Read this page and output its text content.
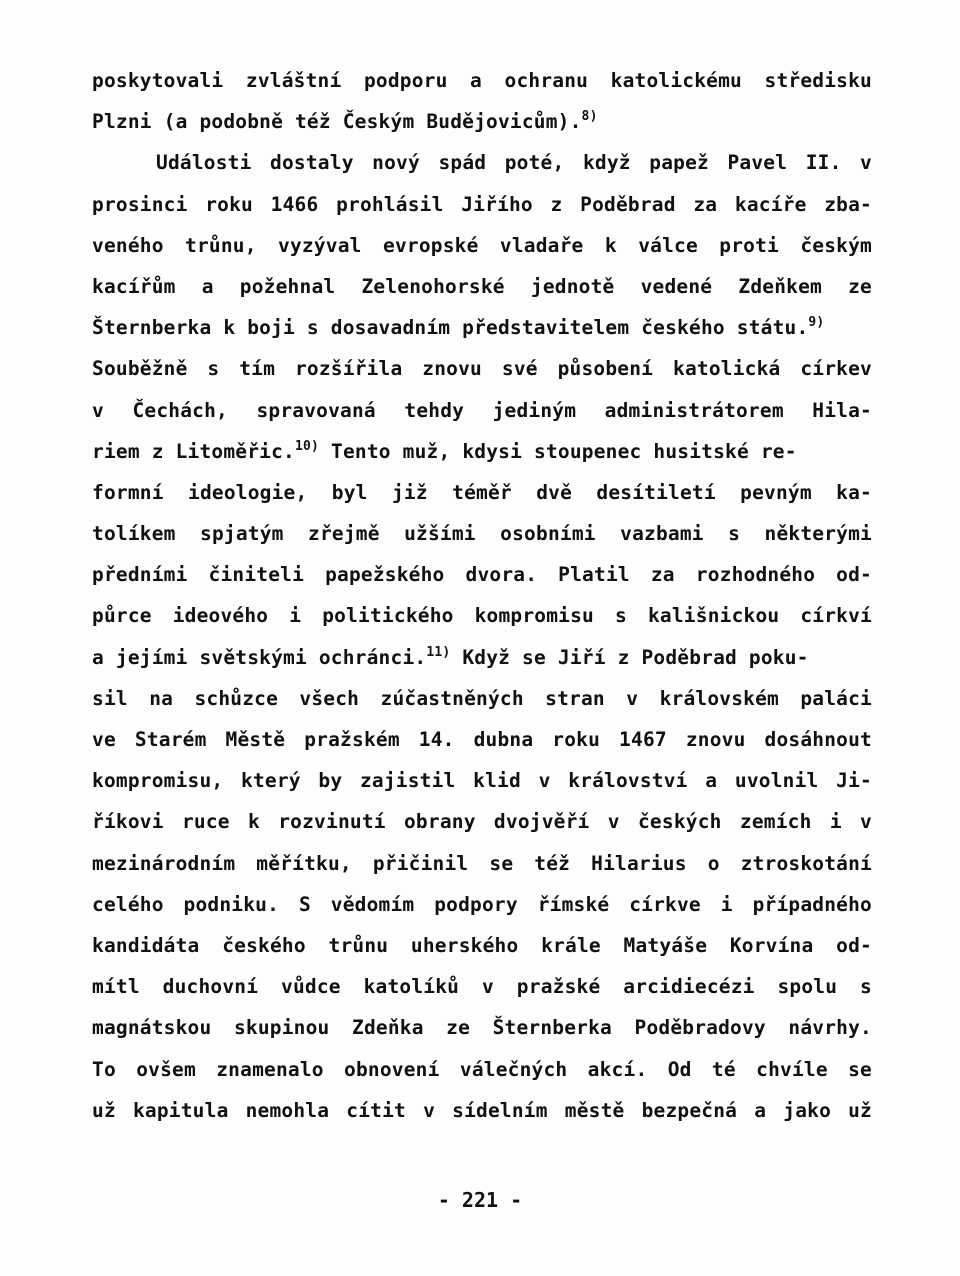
poskytovali zvláštní podporu a ochranu katolickému středisku
Plzni (a podobně též Českým Budějovicům).$^{8)}$
Události dostaly nový spád poté, když papež Pavel II. v
prosinci roku 1466 prohlásil Jiřího z Poděbrad za kacíře zba-
veného trůnu, vyzýval evropské vladaře k válce proti českým
kacířům a požehnal Zelenohorské jednotě vedené Zdeňkem ze
Šternberka k boji s dosavadním představitelem českého státu.$^{9)}$
Souběžně s tím rozšířila znovu své působení katolická církev
v Čechách, spravovaná tehdy jediným administrátorem Hila-
riem z Litoměřic.$^{10)}$ Tento muž, kdysi stoupenec husitské re-
formní ideologie, byl již téměř dvě desítiletí pevným ka-
tolíkem spjatým zřejmě užšími osobními vazbami s některými
předními činiteli papežského dvora. Platil za rozhodného od-
půrce ideového i politického kompromisu s kališnickou církví
a jejími světskými ochránci.$^{11)}$ Když se Jiří z Poděbrad poku-
sil na schůzce všech zúčastněných stran v královském paláci
ve Starém Městě pražském 14. dubna roku 1467 znovu dosáhnout
kompromisu, který by zajistil klid v království a uvolnil Ji-
říkovi ruce k rozvinutí obrany dvojvěří v českých zemích i v
mezinárodním měřítku, přičinil se též Hilarius o ztroskotání
celého podniku. S vědomím podpory římské církve i případného
kandidáta českého trůnu uherského krále Matyáše Korvína od-
mítl duchovní vůdce katolíků v pražské arcidiecézi spolu s
magnátskou skupinou Zdeňka ze Šternberka Poděbradovy návrhy.
To ovšem znamenalo obnovení válečných akcí. Od té chvíle se
už kapitula nemohla cítit v sídelním městě bezpečná a jako už
- 221 -
